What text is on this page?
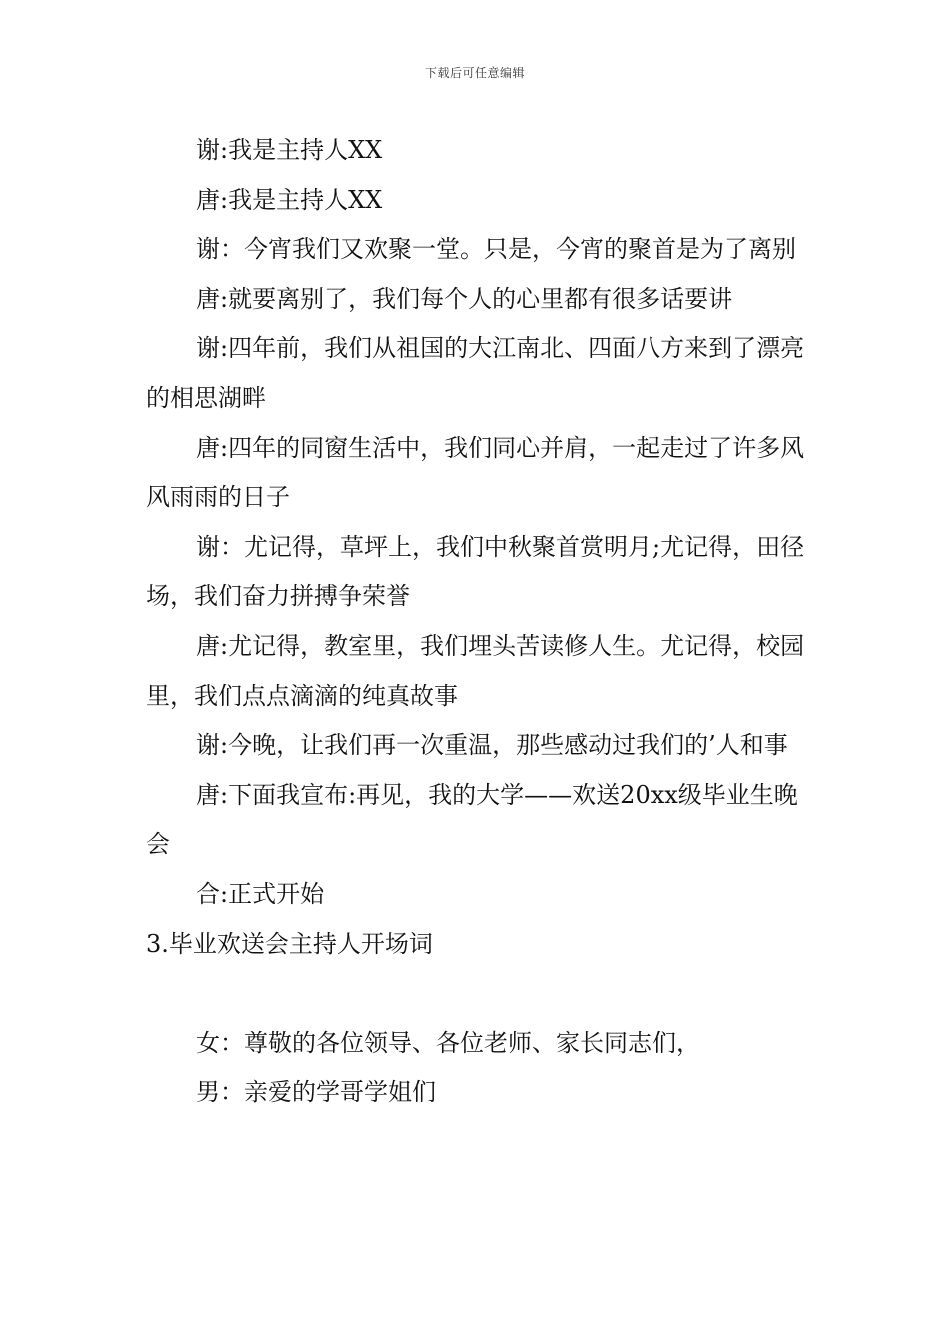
下载后可任意编辑

谢:我是主持人XX

唐:我是主持人XX

谢：今宵我们又欢聚一堂。只是，今宵的聚首是为了离别

唐:就要离别了，我们每个人的心里都有很多话要讲

谢:四年前，我们从祖国的大江南北、四面八方来到了漂亮的相思湖畔

唐:四年的同窗生活中，我们同心并肩，一起走过了许多风风雨雨的日子

谢：尤记得，草坪上，我们中秋聚首赏明月;尤记得，田径场，我们奋力拼搏争荣誉

唐:尤记得，教室里，我们埋头苦读修人生。尤记得，校园里，我们点点滴滴的纯真故事

谢:今晚，让我们再一次重温，那些感动过我们的’人和事

唐:下面我宣布:再见，我的大学——欢送20xx级毕业生晚会

合:正式开始

3.毕业欢送会主持人开场词

女：尊敬的各位领导、各位老师、家长同志们，

男：亲爱的学哥学姐们
